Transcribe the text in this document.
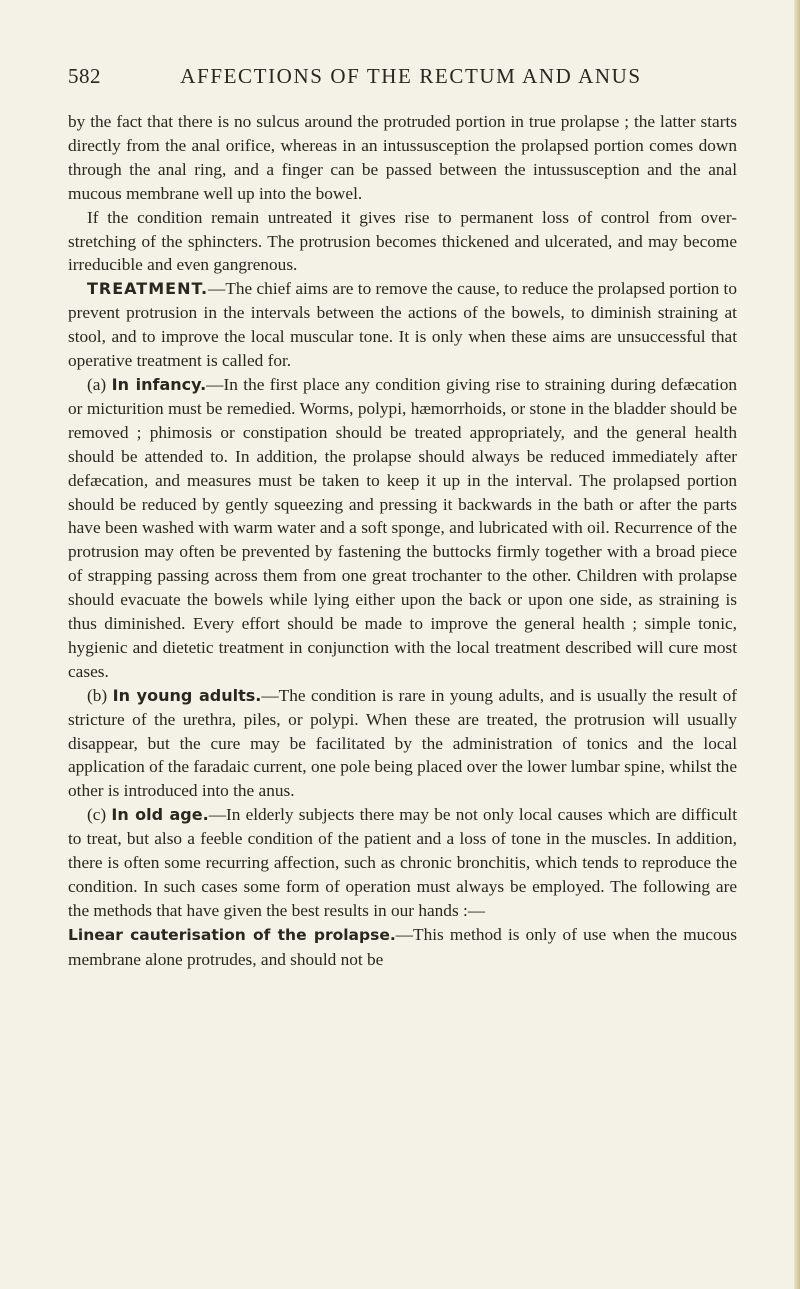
582	AFFECTIONS OF THE RECTUM AND ANUS

by the fact that there is no sulcus around the protruded portion in true prolapse ; the latter starts directly from the anal orifice, whereas in an intussusception the prolapsed portion comes down through the anal ring, and a finger can be passed between the intussusception and the anal mucous membrane well up into the bowel.

If the condition remain untreated it gives rise to permanent loss of control from over-stretching of the sphincters. The protrusion becomes thickened and ulcerated, and may become irreducible and even gangrenous.

TREATMENT.—The chief aims are to remove the cause, to reduce the prolapsed portion to prevent protrusion in the intervals between the actions of the bowels, to diminish straining at stool, and to improve the local muscular tone. It is only when these aims are unsuccessful that operative treatment is called for.

(a) In infancy.—In the first place any condition giving rise to straining during defæcation or micturition must be remedied. Worms, polypi, hæmorrhoids, or stone in the bladder should be removed ; phimosis or constipation should be treated appropriately, and the general health should be attended to. In addition, the prolapse should always be reduced immediately after defæcation, and measures must be taken to keep it up in the interval. The prolapsed portion should be reduced by gently squeezing and pressing it backwards in the bath or after the parts have been washed with warm water and a soft sponge, and lubricated with oil. Recurrence of the protrusion may often be prevented by fastening the buttocks firmly together with a broad piece of strapping passing across them from one great trochanter to the other. Children with prolapse should evacuate the bowels while lying either upon the back or upon one side, as straining is thus diminished. Every effort should be made to improve the general health ; simple tonic, hygienic and dietetic treatment in conjunction with the local treatment described will cure most cases.

(b) In young adults.—The condition is rare in young adults, and is usually the result of stricture of the urethra, piles, or polypi. When these are treated, the protrusion will usually disappear, but the cure may be facilitated by the administration of tonics and the local application of the faradaic current, one pole being placed over the lower lumbar spine, whilst the other is introduced into the anus.

(c) In old age.—In elderly subjects there may be not only local causes which are difficult to treat, but also a feeble condition of the patient and a loss of tone in the muscles. In addition, there is often some recurring affection, such as chronic bronchitis, which tends to reproduce the condition. In such cases some form of operation must always be employed. The following are the methods that have given the best results in our hands :—

Linear cauterisation of the prolapse.—This method is only of use when the mucous membrane alone protrudes, and should not be
